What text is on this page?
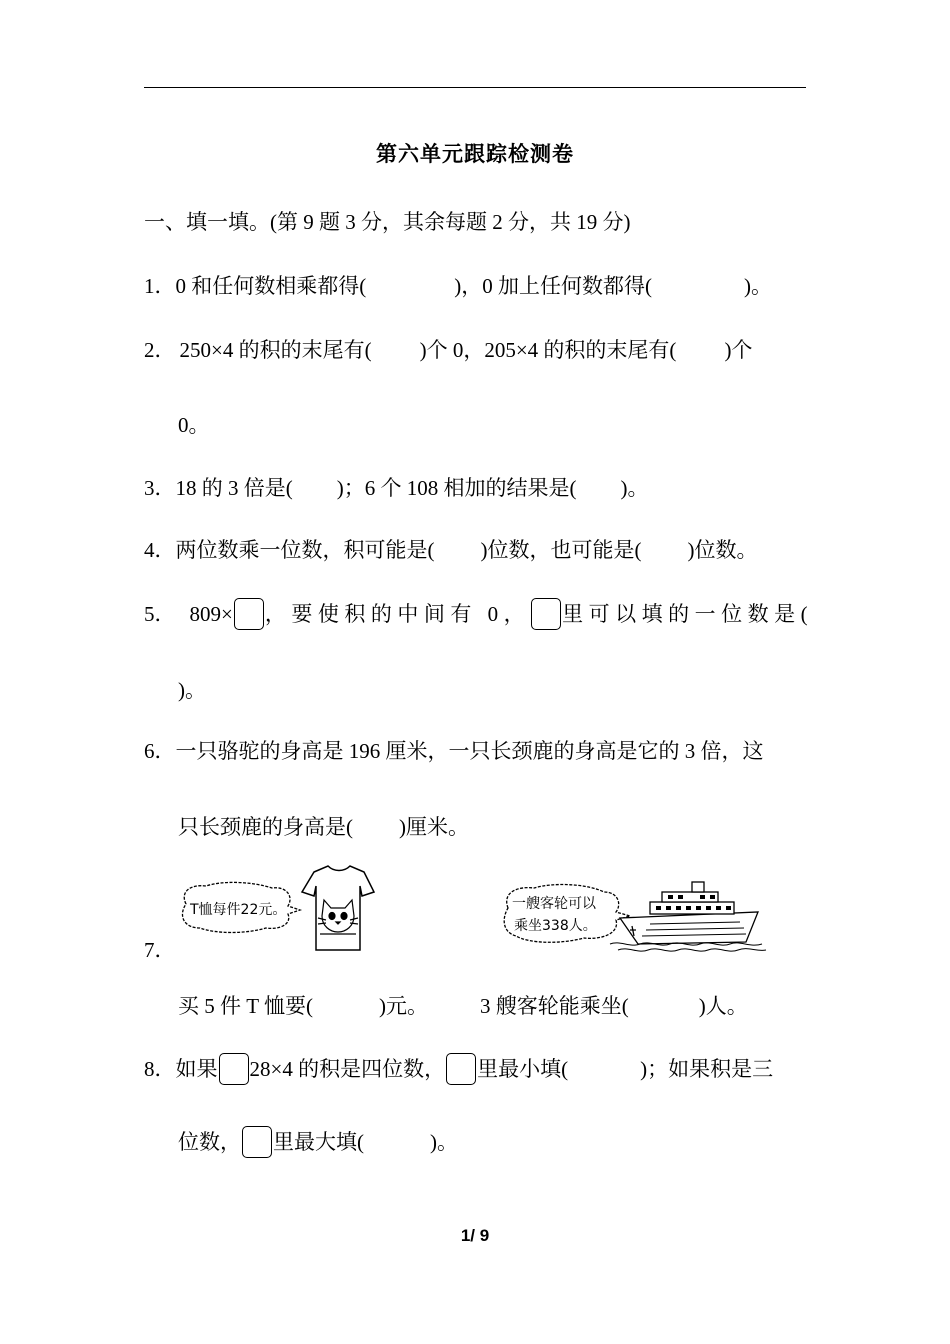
第六单元跟踪检测卷
一、填一填。(第 9 题 3 分，其余每题 2 分，共 19 分)
1．0 和任何数相乘都得(	)，0 加上任何数都得(	)。
2． 250×4 的积的末尾有( )个 0，205×4 的积的末尾有( )个
0。
3．18 的 3 倍是( )；6 个 108 相加的结果是( )。
4．两位数乘一位数，积可能是( )位数，也可能是( )位数。
5． 809× ，要使积的中间有 0， 里可以填的一位数是(
)。
6．一只骆驼的身高是 196 厘米，一只长颈鹿的身高是它的 3 倍，这
只长颈鹿的身高是( )厘米。
7．
T恤每件22元。	一艘客轮可以
乘坐338人。
买 5 件 T 恤要(	)元。 3 艘客轮能乘坐(	)人。
8．如果 28×4 的积是四位数， 里最小填(	)；如果积是三
位数， 里最大填(	)。
1/ 9
